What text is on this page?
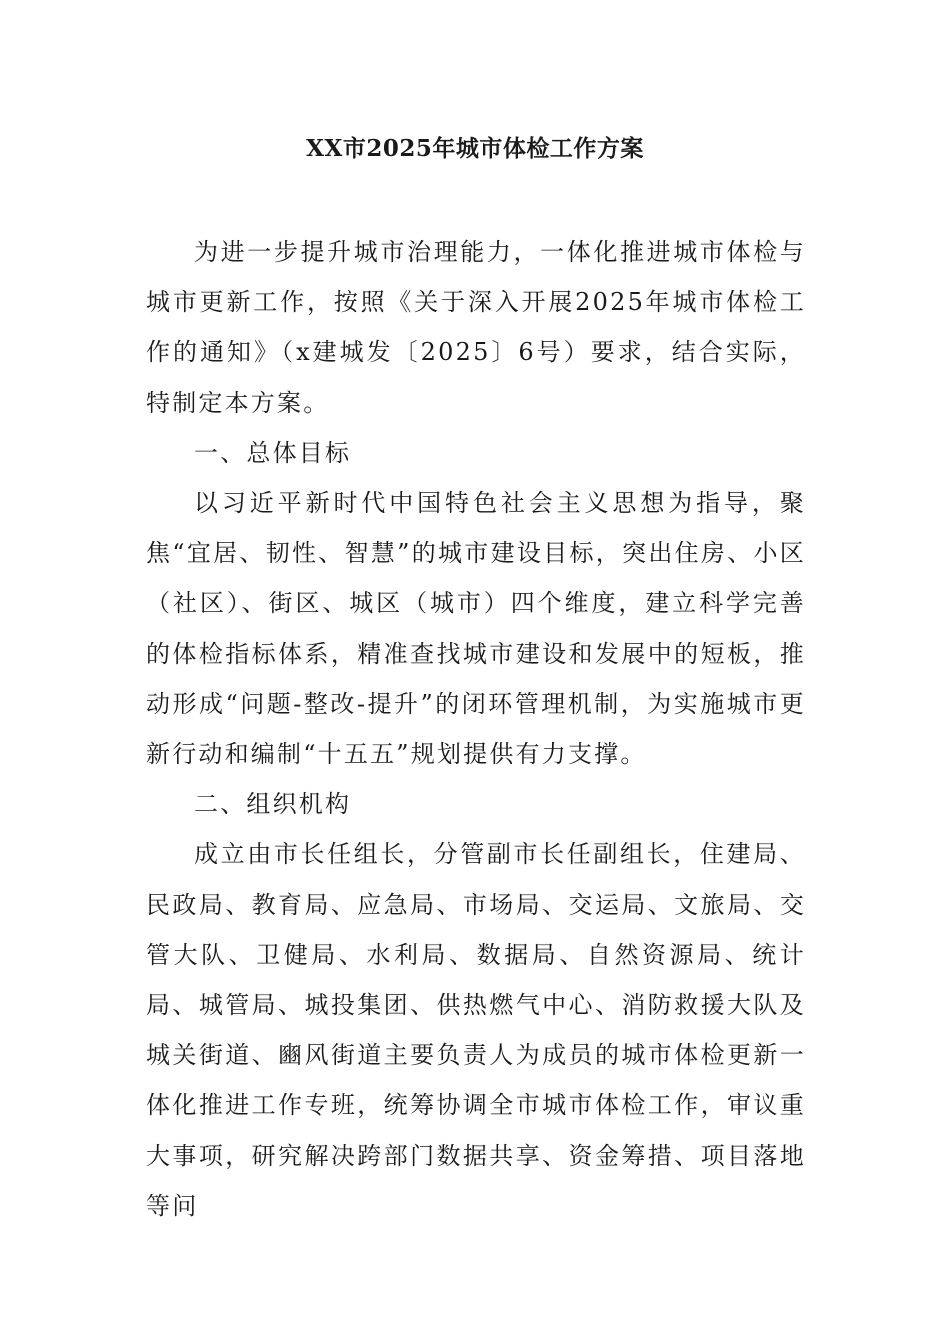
XX市2025年城市体检工作方案

为进一步提升城市治理能力，一体化推进城市体检与城市更新工作，按照《关于深入开展2025年城市体检工作的通知》（x建城发〔2025〕6号）要求，结合实际，特制定本方案。

一、总体目标

以习近平新时代中国特色社会主义思想为指导，聚焦“宜居、韧性、智慧”的城市建设目标，突出住房、小区（社区）、街区、城区（城市）四个维度，建立科学完善的体检指标体系，精准查找城市建设和发展中的短板，推动形成“问题-整改-提升”的闭环管理机制，为实施城市更新行动和编制“十五五”规划提供有力支撑。

二、组织机构

成立由市长任组长，分管副市长任副组长，住建局、民政局、教育局、应急局、市场局、交运局、文旅局、交管大队、卫健局、水利局、数据局、自然资源局、统计局、城管局、城投集团、供热燃气中心、消防救援大队及城关街道、豳风街道主要负责人为成员的城市体检更新一体化推进工作专班，统筹协调全市城市体检工作，审议重大事项，研究解决跨部门数据共享、资金筹措、项目落地等问
